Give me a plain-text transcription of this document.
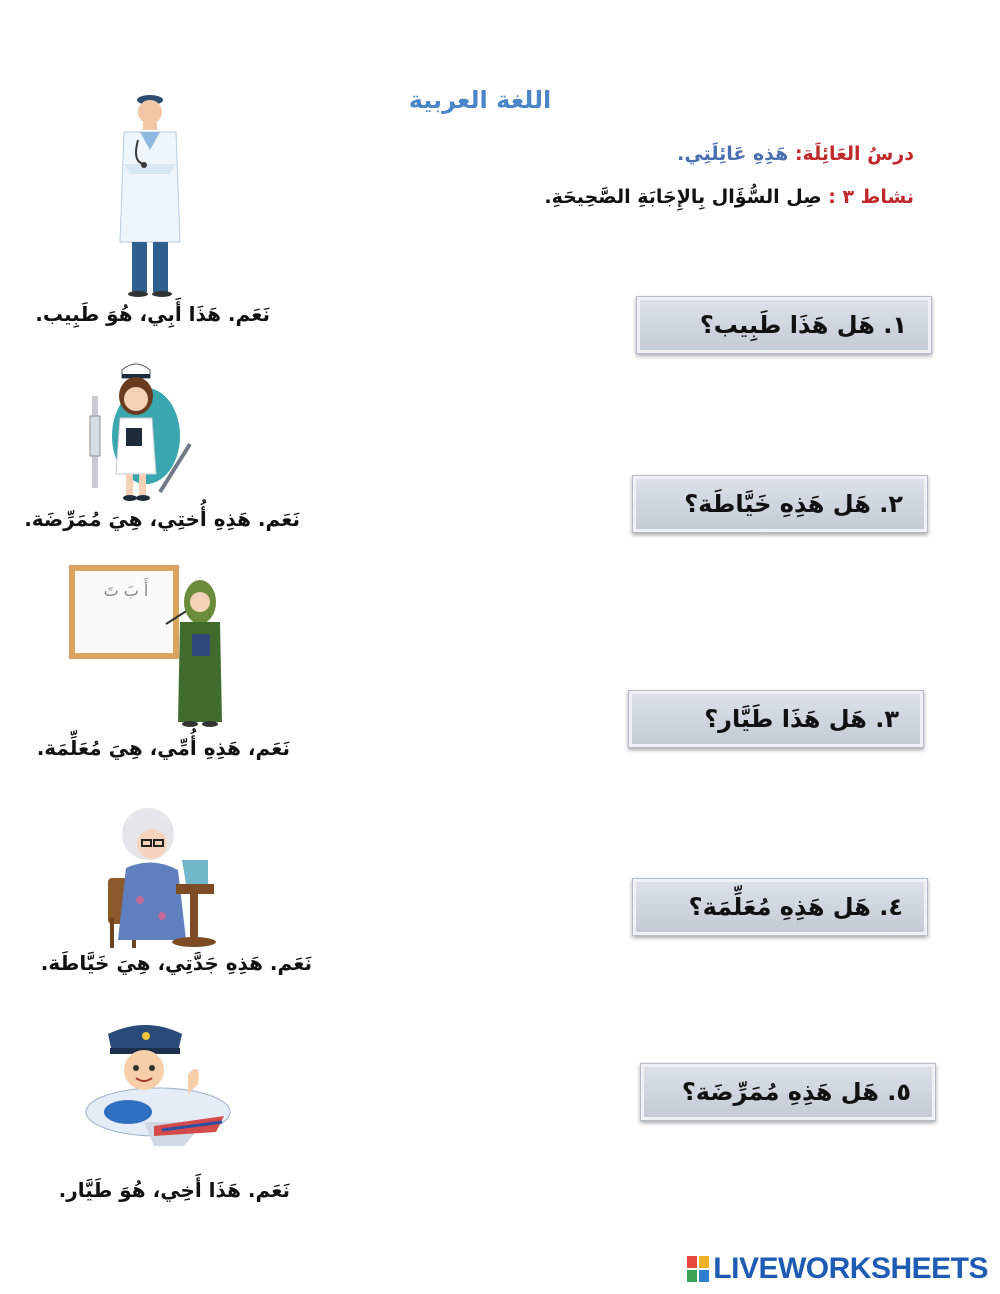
اللغة العربية
درسُ العَائِلَة: هَذِهِ عَائِلَتِي.
نشاط ٣ : صِل السُّؤَال بِالإِجَابَةِ الصَّحِيحَةِ.
١. هَل هَذَا طَبِيب؟
٢. هَل هَذِهِ خَيَّاطَة؟
٣. هَل هَذَا طَيَّار؟
٤. هَل هَذِهِ مُعَلِّمَة؟
٥. هَل هَذِهِ مُمَرِّضَة؟
أَ بَ تَ
نَعَم. هَذَا أَبِي، هُوَ طَبِيب.
نَعَم. هَذِهِ أُختِي، هِيَ مُمَرِّضَة.
نَعَم، هَذِهِ أُمِّي، هِيَ مُعَلِّمَة.
نَعَم. هَذِهِ جَدَّتِي، هِيَ خَيَّاطَة.
نَعَم. هَذَا أَخِي، هُوَ طَيَّار.
LIVEWORKSHEETS
